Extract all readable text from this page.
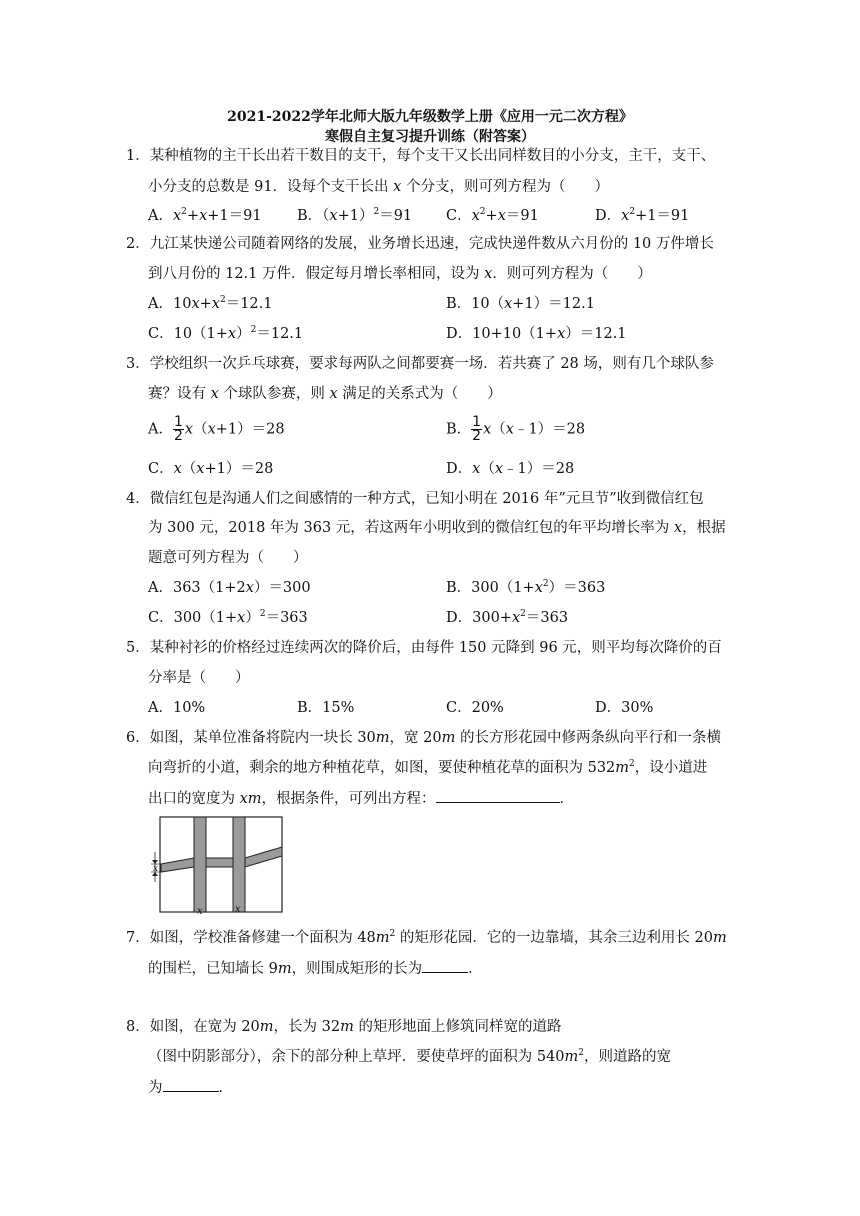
2021-2022学年北师大版九年级数学上册《应用一元二次方程》
寒假自主复习提升训练（附答案）
1．某种植物的主干长出若干数目的支干，每个支干又长出同样数目的小分支，主干，支干、
小分支的总数是 91．设每个支干长出 x 个分支，则可列方程为（　　）
A．$x^2+x+1=91$ B．$(x+1)^2=91$ C．$x^2+x=91$	D．$x^2+1=91$
2．九江某快递公司随着网络的发展，业务增长迅速，完成快递件数从六月份的 10 万件增长
到八月份的 12.1 万件．假定每月增长率相同，设为 x．则可列方程为（　　）
A．$10x+x^2=12.1$	B．10（x+1）＝12.1
C．$10(1+x)^2=12.1$	D．10+10（1+x）＝12.1
3．学校组织一次乒乓球赛，要求每两队之间都要赛一场．若共赛了 28 场，则有几个球队参
赛？设有 x 个球队参赛，则 x 满足的关系式为（　　）
A． $\frac{1}{2} x(x+1)=28$	B． $\frac{1}{2}$ x（x﹣1）＝28
C．x（x+1）＝28	D．x（x﹣1）＝28
4．微信红包是沟通人们之间感情的一种方式，已知小明在 2016 年”元旦节”收到微信红包
为 300 元，2018 年为 363 元，若这两年小明收到的微信红包的年平均增长率为 x，根据
题意可列方程为（　　）
A．363（1+2x）＝300	B．$300(1+x^2)=363$
C．$300(1+x)^2=363$	D．$300+x^2=363$
5．某种衬衫的价格经过连续两次的降价后，由每件 150 元降到 96 元，则平均每次降价的百
分率是（　　）
A．10%	B．15%	C．20%	D．30%
6．如图，某单位准备将院内一块长 30m，宽 20m 的长方形花园中修两条纵向平行和一条横
向弯折的小道，剩余的地方种植花草，如图，要使种植花草的面积为 $532m^2$，设小道进
出口的宽度为 xm，根据条件，可列出方程：	．
x
x	x
7．如图，学校准备修建一个面积为 $48m^2$ 的矩形花园．它的一边靠墙，其余三边利用长 20m
的围栏，已知墙长 9m，则围成矩形的长为	．
8．如图，在宽为 20m，长为 32m 的矩形地面上修筑同样宽的道路
（图中阴影部分），余下的部分种上草坪．要使草坪的面积为 $540m^2$，则道路的宽
为	．
